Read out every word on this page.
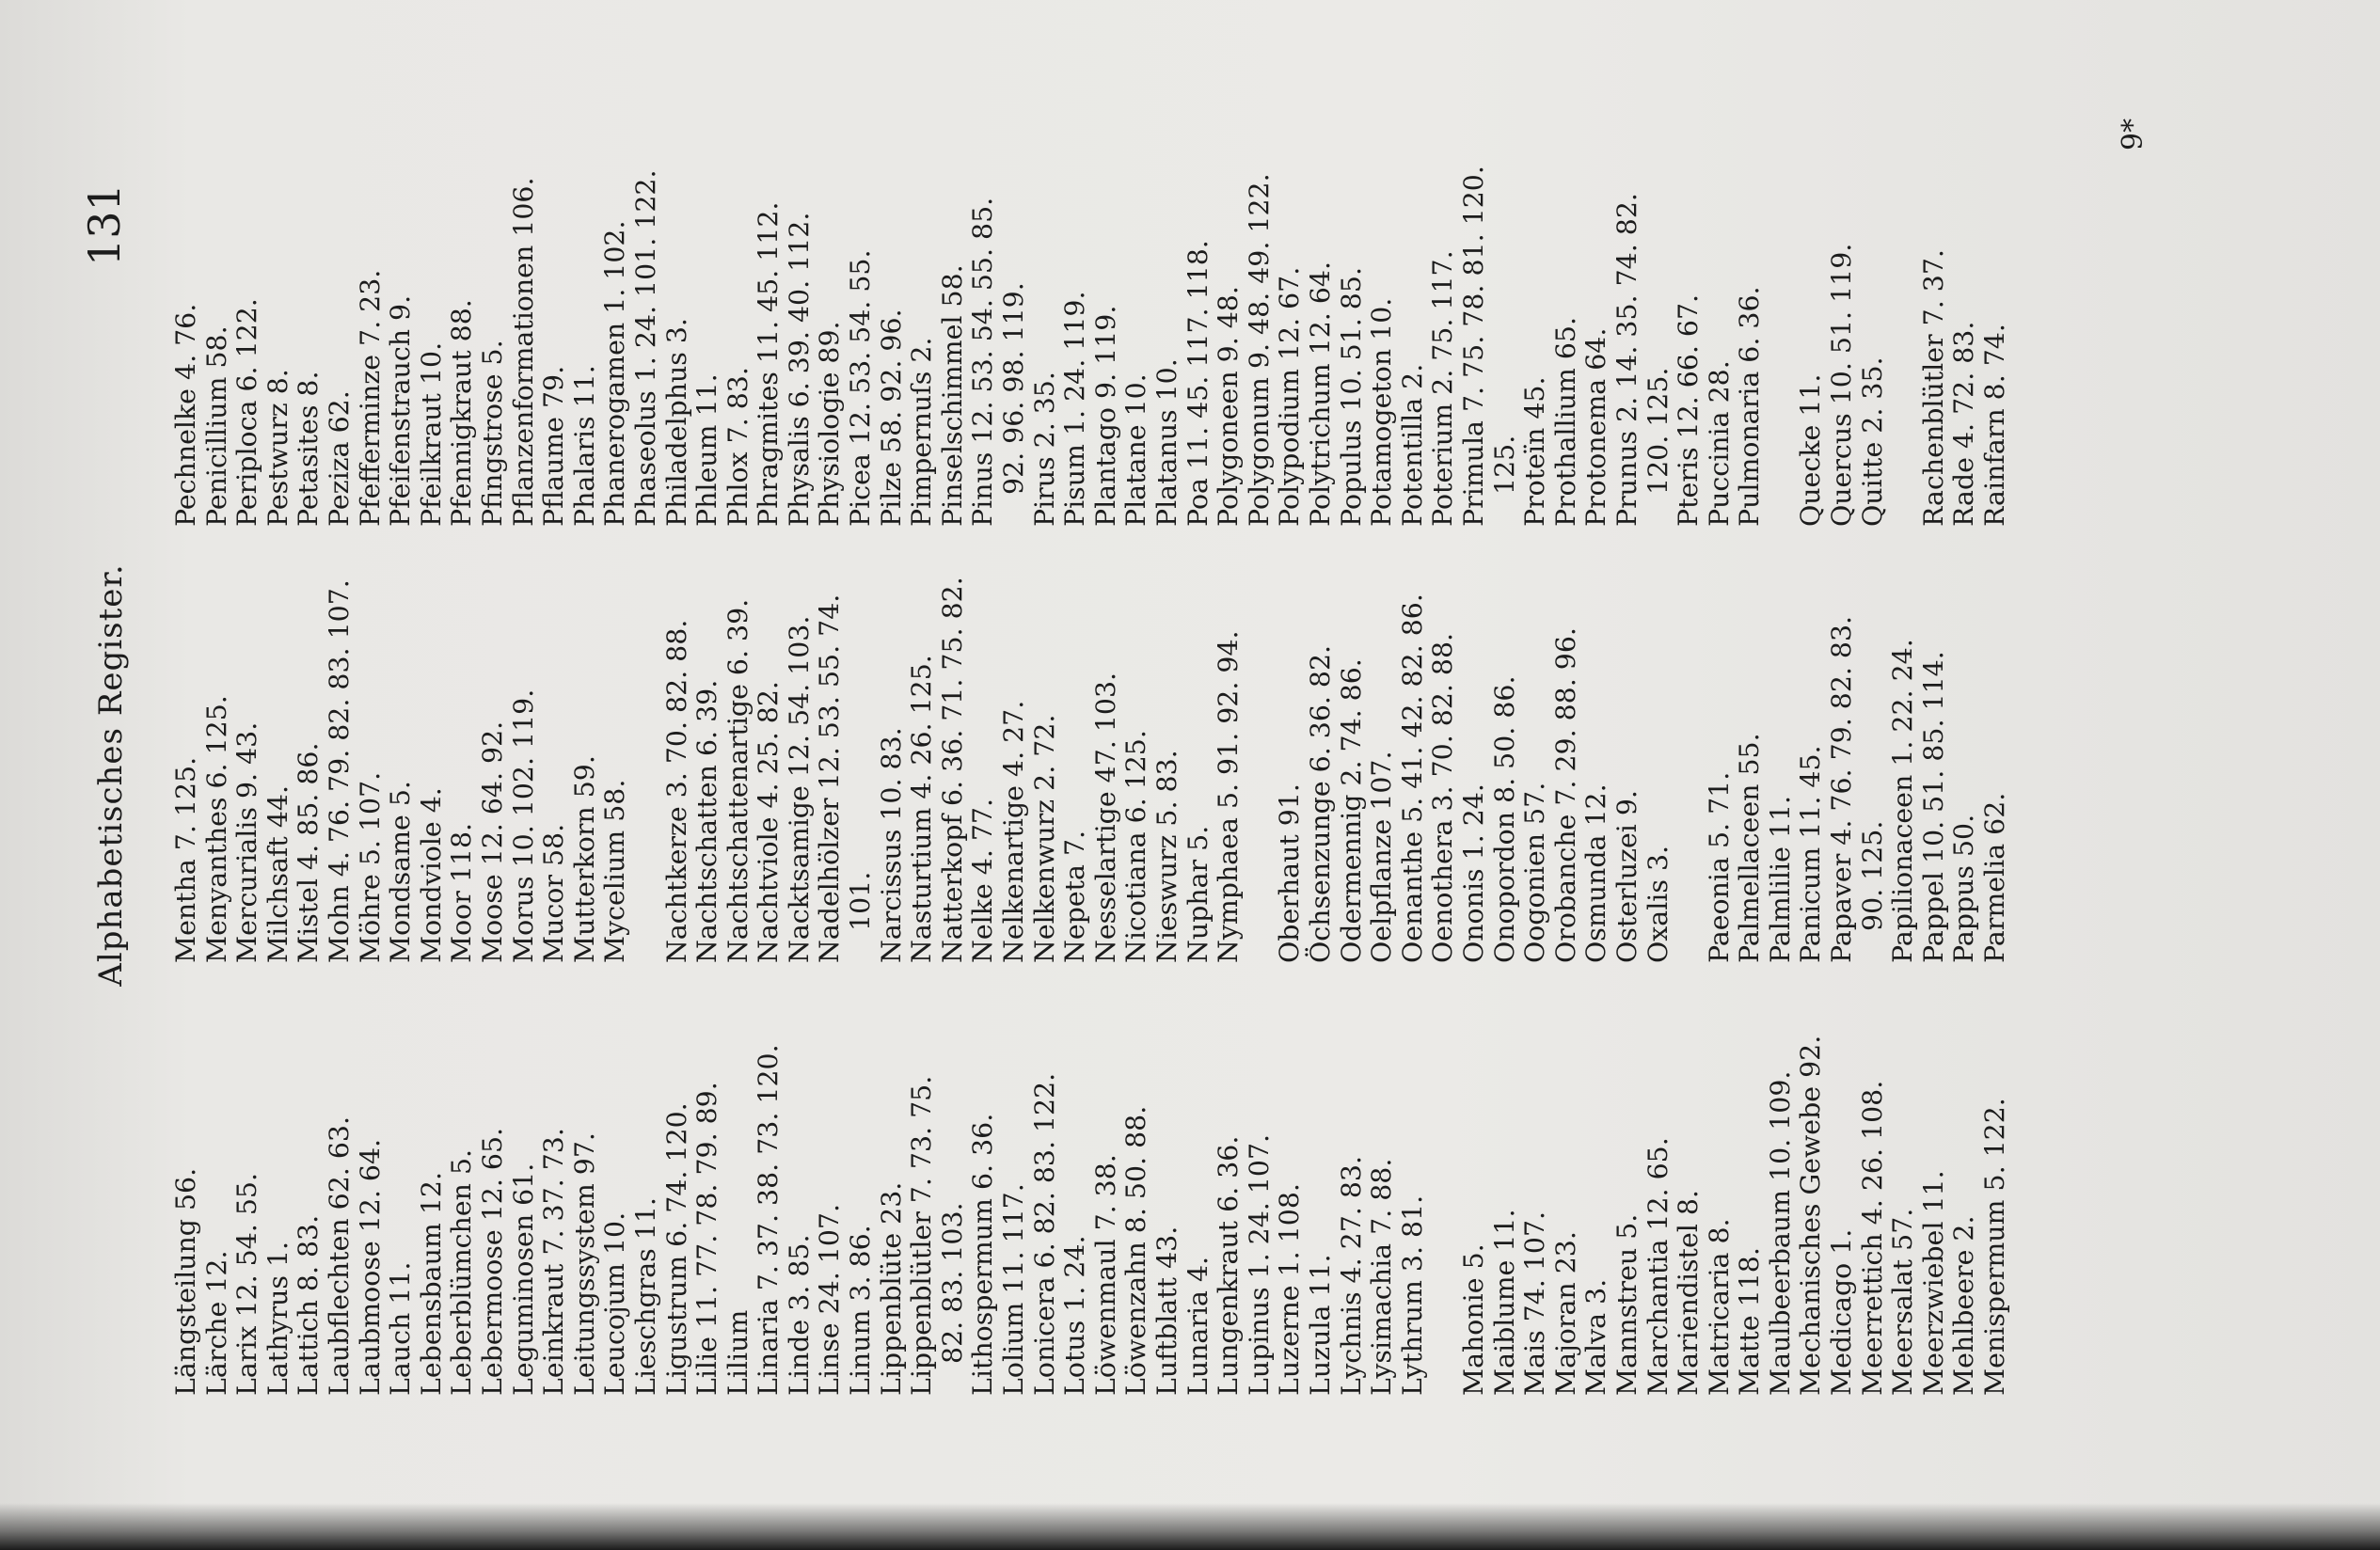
Alphabetisches Register.
131
Längsteilung 56. Lärche 12. Larix 12. 54. 55. Lathyrus 1. Lattich 8. 83. Laubflechten 62. 63. Laubmoose 12. 64. Lauch 11. Lebensbaum 12. Leberblümchen 5. Lebermoose 12. 65. Leguminosen 61. Leinkraut 7. 37. 73. Leitungssystem 97. Leucojum 10. Lieschgras 11. Ligustrum 6. 74. 120. Lilie 11. 77. 78. 79. 89. Lilium Linaria 7. 37. 38. 73. 120. Linde 3. 85. Linse 24. 107. Linum 3. 86. Lippenblüte 23. Lippenblütler 7. 73. 75. 82. 83. 103. Lithospermum 6. 36. Lolium 11. 117. Lonicera 6. 82. 83. 122. Lotus 1. 24. Löwenmaul 7. 38. Löwenzahn 8. 50. 88. Luftblatt 43. Lunaria 4. Lungenkraut 6. 36. Lupinus 1. 24. 107. Luzerne 1. 108. Luzula 11. Lychnis 4. 27. 83. Lysimachia 7. 88. Lythrum 3. 81. Mahonie 5. Maiblume 11. Mais 74. 107. Majoran 23. Malva 3. Mannstreu 5. Marchantia 12. 65. Mariendistel 8. Matricaria 8. Matte 118. Maulbeerbaum 10. 109. Mechanisches Gewebe 92. Medicago 1. Meerrettich 4. 26. 108. Meersalat 57. Meerzwiebel 11. Mehlbeere 2. Menispermum 5. 122.
Mentha 7. 125. Menyanthes 6. 125. Mercurialis 9. 43. Milchsaft 44. Mistel 4. 85. 86. Mohn 4. 76. 79. 82. 83. 107. Möhre 5. 107. Mondsame 5. Mondviole 4. Moor 118. Moose 12. 64. 92. Morus 10. 102. 119. Mucor 58. Mutterkorn 59. Mycelium 58. Nachtkerze 3. 70. 82. 88. Nachtschatten 6. 39. Nachtschattenartige 6. 39. Nachtviole 4. 25. 82. Nacktsamige 12. 54. 103. Nadelhölzer 12. 53. 55. 74. 101. Narcissus 10. 83. Nasturtium 4. 26. 125. Natterkopf 6. 36. 71. 75. 82. Nelke 4. 77. Nelkenartige 4. 27. Nelkenwurz 2. 72. Nepeta 7. Nesselartige 47. 103. Nicotiana 6. 125. Nieswurz 5. 83. Nuphar 5. Nymphaea 5. 91. 92. 94. Oberhaut 91. Öchsenzunge 6. 36. 82. Odermennig 2. 74. 86. Oelpflanze 107. Oenanthe 5. 41. 42. 82. 86. Oenothera 3. 70. 82. 88. Ononis 1. 24. Onopordon 8. 50. 86. Oogonien 57. Orobanche 7. 29. 88. 96. Osmunda 12. Osterluzei 9. Oxalis 3. Paeonia 5. 71. Palmellaceen 55. Palmlilie 11. Panicum 11. 45. Papaver 4. 76. 79. 82. 83. 90. 125. Papilionaceen 1. 22. 24. Pappel 10. 51. 85. 114. Pappus 50. Parmelia 62.
Pechnelke 4. 76. Penicillium 58. Periploca 6. 122. Pestwurz 8. Petasites 8. Peziza 62. Pfefferminze 7. 23. Pfeifenstrauch 9. Pfeilkraut 10. Pfennigkraut 88. Pfingstrose 5. Pflanzenformationen 106. Pflaume 79. Phalaris 11. Phanerogamen 1. 102. Phaseolus 1. 24. 101. 122. Philadelphus 3. Phleum 11. Phlox 7. 83. Phragmites 11. 45. 112. Physalis 6. 39. 40. 112. Physiologie 89. Picea 12. 53. 54. 55. Pilze 58. 92. 96. Pimpernuſs 2. Pinselschimmel 58. Pinus 12. 53. 54. 55. 85. 92. 96. 98. 119. Pirus 2. 35. Pisum 1. 24. 119. Plantago 9. 119. Platane 10. Platanus 10. Poa 11. 45. 117. 118. Polygoneen 9. 48. Polygonum 9. 48. 49. 122. Polypodium 12. 67. Polytrichum 12. 64. Populus 10. 51. 85. Potamogeton 10. Potentilla 2. Poterium 2. 75. 117. Primula 7. 75. 78. 81. 120. 125. Proteïn 45. Prothallium 65. Protonema 64. Prunus 2. 14. 35. 74. 82. 120. 125. Pteris 12. 66. 67. Puccinia 28. Pulmonaria 6. 36. Quecke 11. Quercus 10. 51. 119. Quitte 2. 35. Rachenblütler 7. 37. Rade 4. 72. 83. Rainfarn 8. 74.
9*
